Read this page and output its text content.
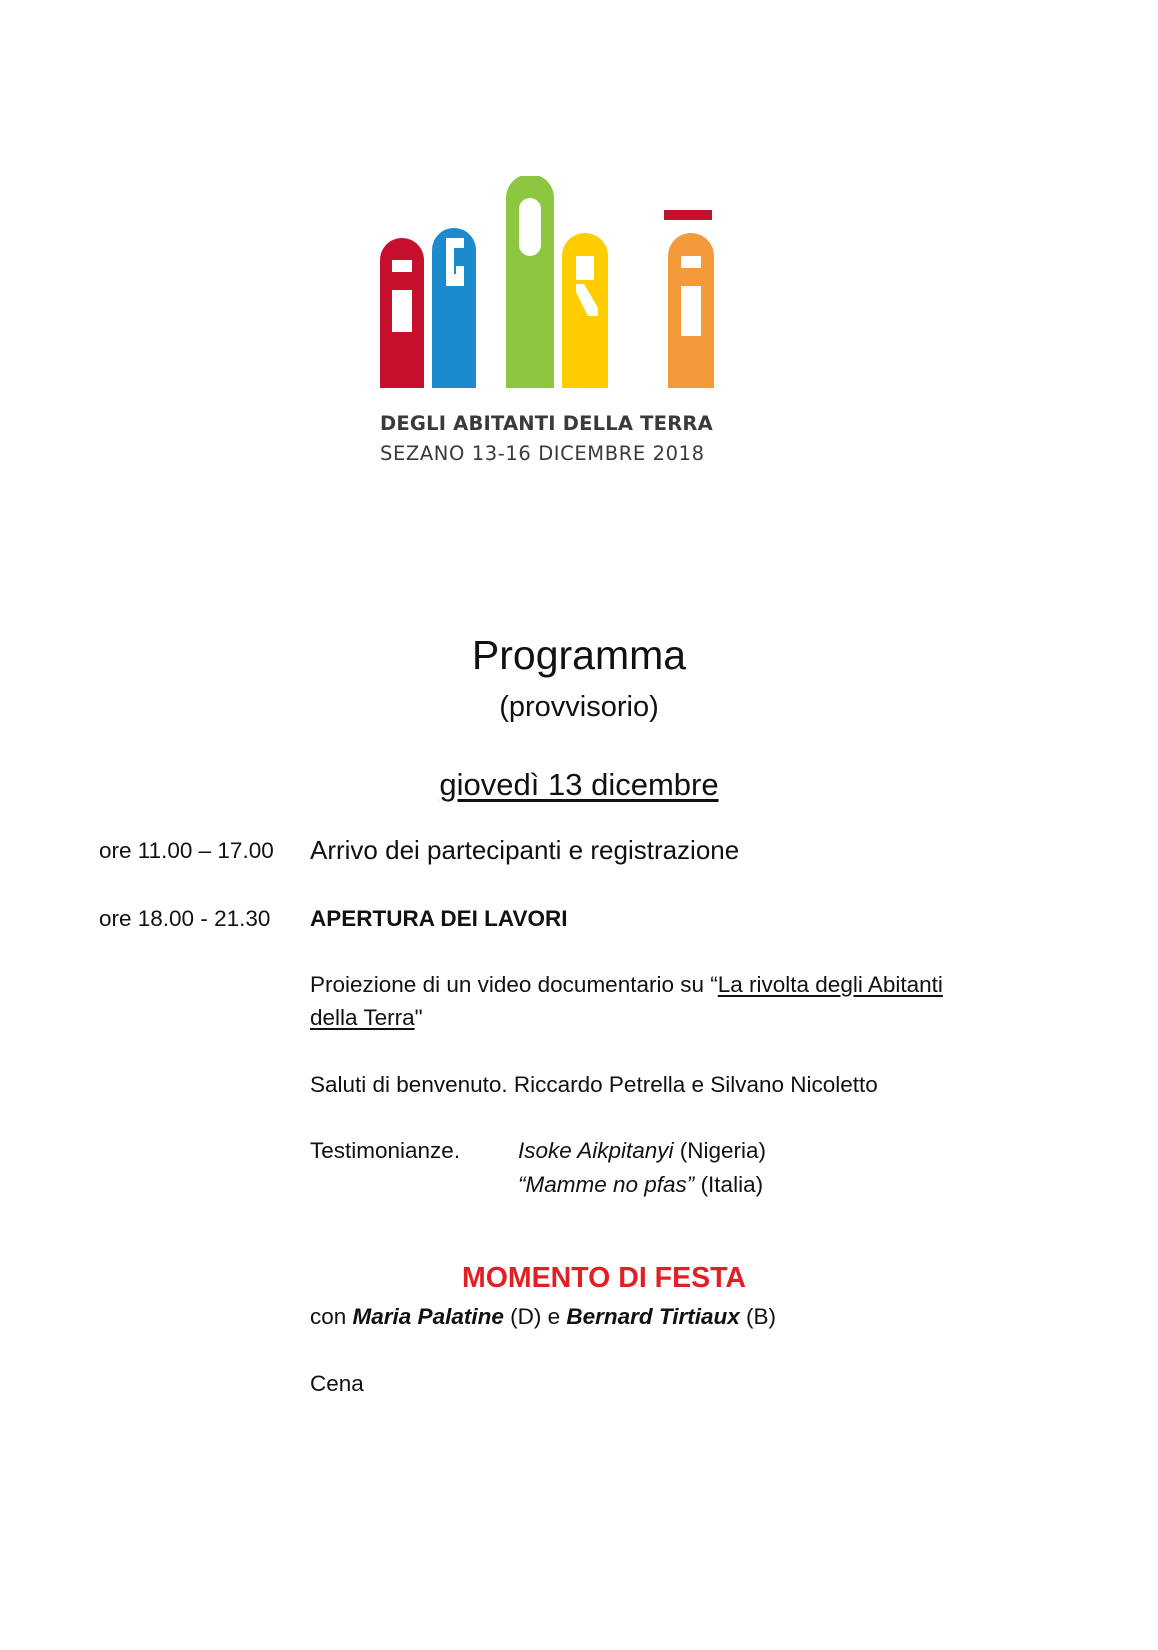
DEGLI ABITANTI DELLA TERRA
SEZANO 13-16 DICEMBRE 2018
Programma
(provvisorio)
giovedì 13 dicembre
ore 11.00 – 17.00 Arrivo dei partecipanti e registrazione
ore 18.00 - 21.30 APERTURA DEI LAVORI
Proiezione di un video documentario su “La rivolta degli Abitanti
della Terra"
Saluti di benvenuto. Riccardo Petrella e Silvano Nicoletto
Testimonianze.	Isoke Aikpitanyi (Nigeria)
“Mamme no pfas” (Italia)
MOMENTO DI FESTA
con Maria Palatine (D) e Bernard Tirtiaux (B)
Cena
